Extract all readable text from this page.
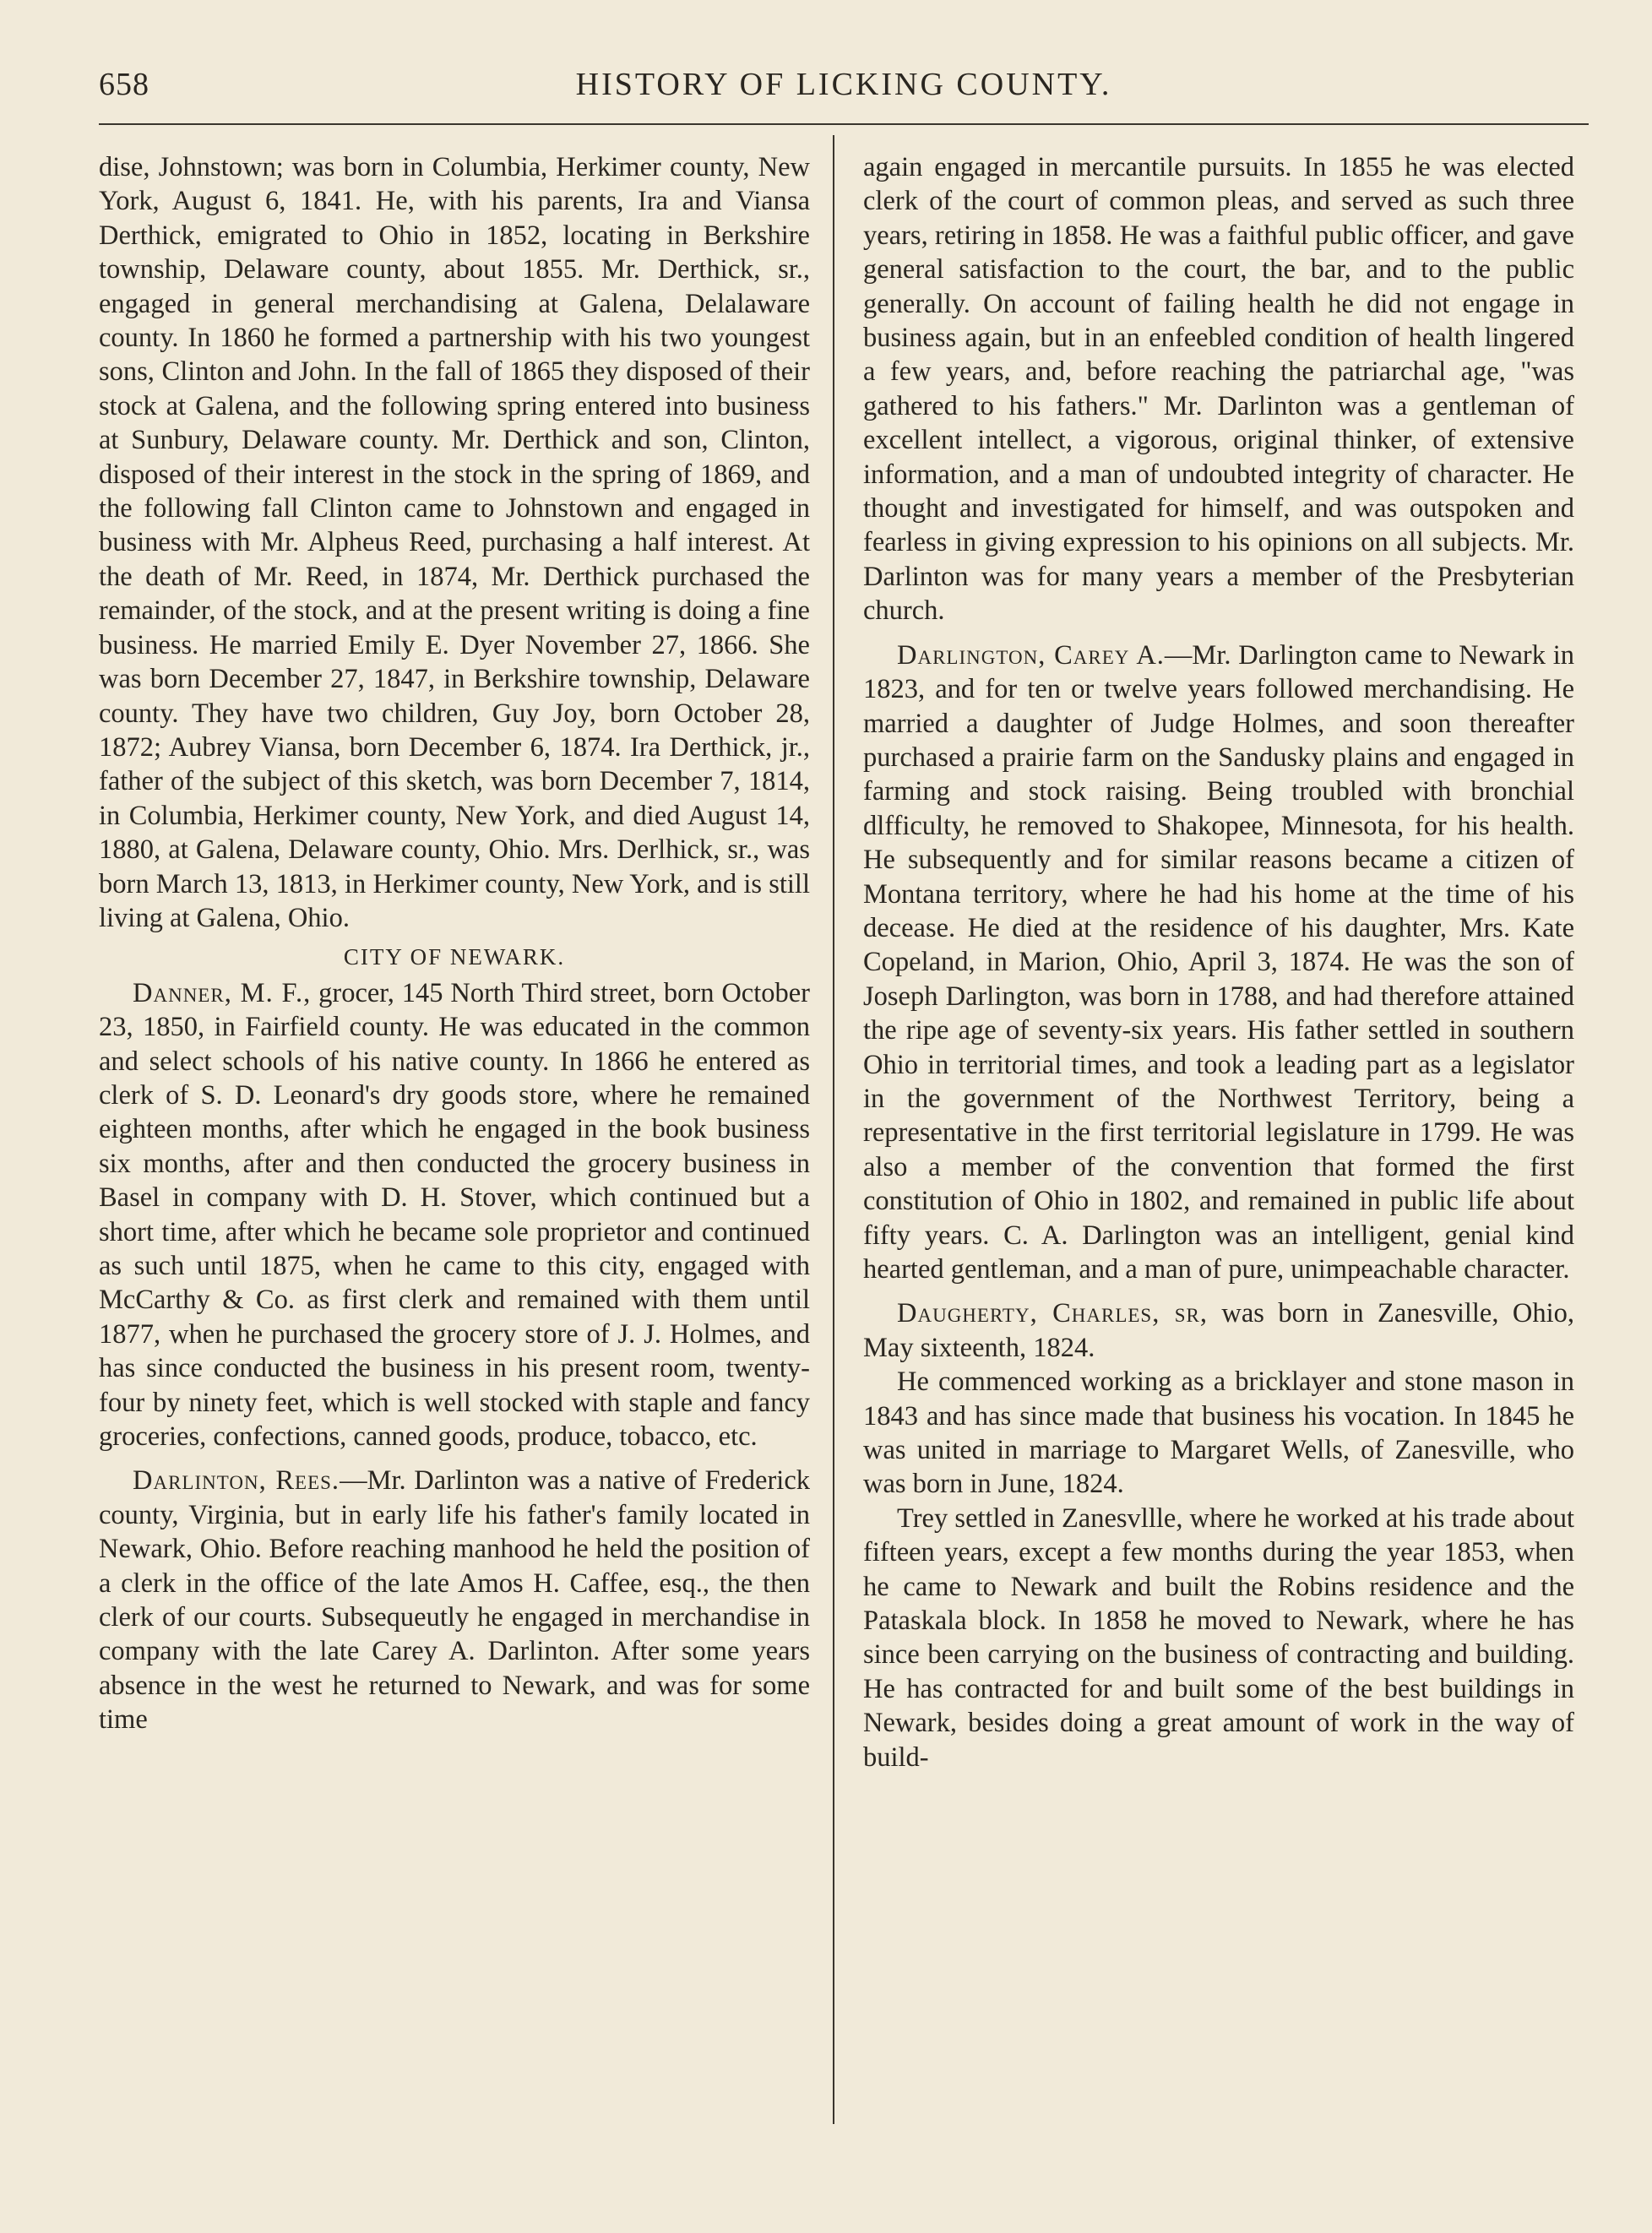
658	HISTORY OF LICKING COUNTY.

dise, Johnstown; was born in Columbia, Herkimer county, New York, August 6, 1841. He, with his parents, Ira and Viansa Derthick, emigrated to Ohio in 1852, locating in Berkshire township, Delaware county, about 1855. Mr. Derthick, sr., engaged in general merchandising at Galena, Delalaware county. In 1860 he formed a partnership with his two youngest sons, Clinton and John. In the fall of 1865 they disposed of their stock at Galena, and the following spring entered into business at Sunbury, Delaware county. Mr. Derthick and son, Clinton, disposed of their interest in the stock in the spring of 1869, and the following fall Clinton came to Johnstown and engaged in business with Mr. Alpheus Reed, purchasing a half interest. At the death of Mr. Reed, in 1874, Mr. Derthick purchased the remainder, of the stock, and at the present writing is doing a fine business. He married Emily E. Dyer November 27, 1866. She was born December 27, 1847, in Berkshire township, Delaware county. They have two children, Guy Joy, born October 28, 1872; Aubrey Viansa, born December 6, 1874. Ira Derthick, jr., father of the subject of this sketch, was born December 7, 1814, in Columbia, Herkimer county, New York, and died August 14, 1880, at Galena, Delaware county, Ohio. Mrs. Derlhick, sr., was born March 13, 1813, in Herkimer county, New York, and is still living at Galena, Ohio.

CITY OF NEWARK.

Danner, M. F., grocer, 145 North Third street, born October 23, 1850, in Fairfield county. He was educated in the common and select schools of his native county. In 1866 he entered as clerk of S. D. Leonard's dry goods store, where he remained eighteen months, after which he engaged in the book business six months, after and then conducted the grocery business in Basel in company with D. H. Stover, which continued but a short time, after which he became sole proprietor and continued as such until 1875, when he came to this city, engaged with McCarthy & Co. as first clerk and remained with them until 1877, when he purchased the grocery store of J. J. Holmes, and has since conducted the business in his present room, twenty-four by ninety feet, which is well stocked with staple and fancy groceries, confections, canned goods, produce, tobacco, etc.

Darlinton, Rees.—Mr. Darlinton was a native of Frederick county, Virginia, but in early life his father's family located in Newark, Ohio. Before reaching manhood he held the position of a clerk in the office of the late Amos H. Caffee, esq., the then clerk of our courts. Subsequeutly he engaged in merchandise in company with the late Carey A. Darlinton. After some years absence in the west he returned to Newark, and was for some time

again engaged in mercantile pursuits. In 1855 he was elected clerk of the court of common pleas, and served as such three years, retiring in 1858. He was a faithful public officer, and gave general satisfaction to the court, the bar, and to the public generally. On account of failing health he did not engage in business again, but in an enfeebled condition of health lingered a few years, and, before reaching the patriarchal age, "was gathered to his fathers." Mr. Darlinton was a gentleman of excellent intellect, a vigorous, original thinker, of extensive information, and a man of undoubted integrity of character. He thought and investigated for himself, and was outspoken and fearless in giving expression to his opinions on all subjects. Mr. Darlinton was for many years a member of the Presbyterian church.

Darlington, Carey A.—Mr. Darlington came to Newark in 1823, and for ten or twelve years followed merchandising. He married a daughter of Judge Holmes, and soon thereafter purchased a prairie farm on the Sandusky plains and engaged in farming and stock raising. Being troubled with bronchial dlfficulty, he removed to Shakopee, Minnesota, for his health. He subsequently and for similar reasons became a citizen of Montana territory, where he had his home at the time of his decease. He died at the residence of his daughter, Mrs. Kate Copeland, in Marion, Ohio, April 3, 1874. He was the son of Joseph Darlington, was born in 1788, and had therefore attained the ripe age of seventy-six years. His father settled in southern Ohio in territorial times, and took a leading part as a legislator in the government of the Northwest Territory, being a representative in the first territorial legislature in 1799. He was also a member of the convention that formed the first constitution of Ohio in 1802, and remained in public life about fifty years. C. A. Darlington was an intelligent, genial kind hearted gentleman, and a man of pure, unimpeachable character.

Daugherty, Charles, sr, was born in Zanesville, Ohio, May sixteenth, 1824.

He commenced working as a bricklayer and stone mason in 1843 and has since made that business his vocation. In 1845 he was united in marriage to Margaret Wells, of Zanesville, who was born in June, 1824.

Trey settled in Zanesvllle, where he worked at his trade about fifteen years, except a few months during the year 1853, when he came to Newark and built the Robins residence and the Pataskala block. In 1858 he moved to Newark, where he has since been carrying on the business of contracting and building. He has contracted for and built some of the best buildings in Newark, besides doing a great amount of work in the way of build-
